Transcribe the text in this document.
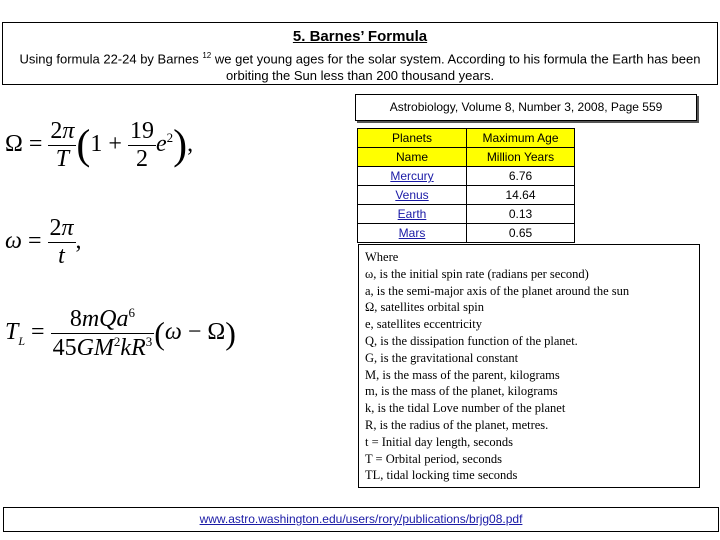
5. Barnes’ Formula
Using formula 22-24 by Barnes $^{12}$ we get young ages for the solar system. According to his formula the Earth has been orbiting the Sun less than 200 thousand years.
Astrobiology, Volume 8, Number 3, 2008, Page 559
$\Omega = \frac{2\pi}{T} (1 + \frac{19}{2} e^2)$,
$\omega = \frac{2\pi}{t}$ ,
$T_L = \frac{8mQa^6}{45GM^2kR^3} (\omega - \Omega)$
Planets	Maximum Age
Name	Million Years
Mercury	6.76
Venus	14.64
Earth	0.13
Mars	0.65
Where
ω, is the initial spin rate (radians per second)
a, is the semi-major axis of the planet around the sun
Ω, satellites orbital spin
e, satellites eccentricity
Q, is the dissipation function of the planet.
G, is the gravitational constant
M, is the mass of the parent, kilograms
m, is the mass of the planet, kilograms
k, is the tidal Love number of the planet
R, is the radius of the planet, metres.
t = Initial day length, seconds
T = Orbital period, seconds
TL, tidal locking time seconds
www.astro.washington.edu/users/rory/publications/brjg08.pdf
